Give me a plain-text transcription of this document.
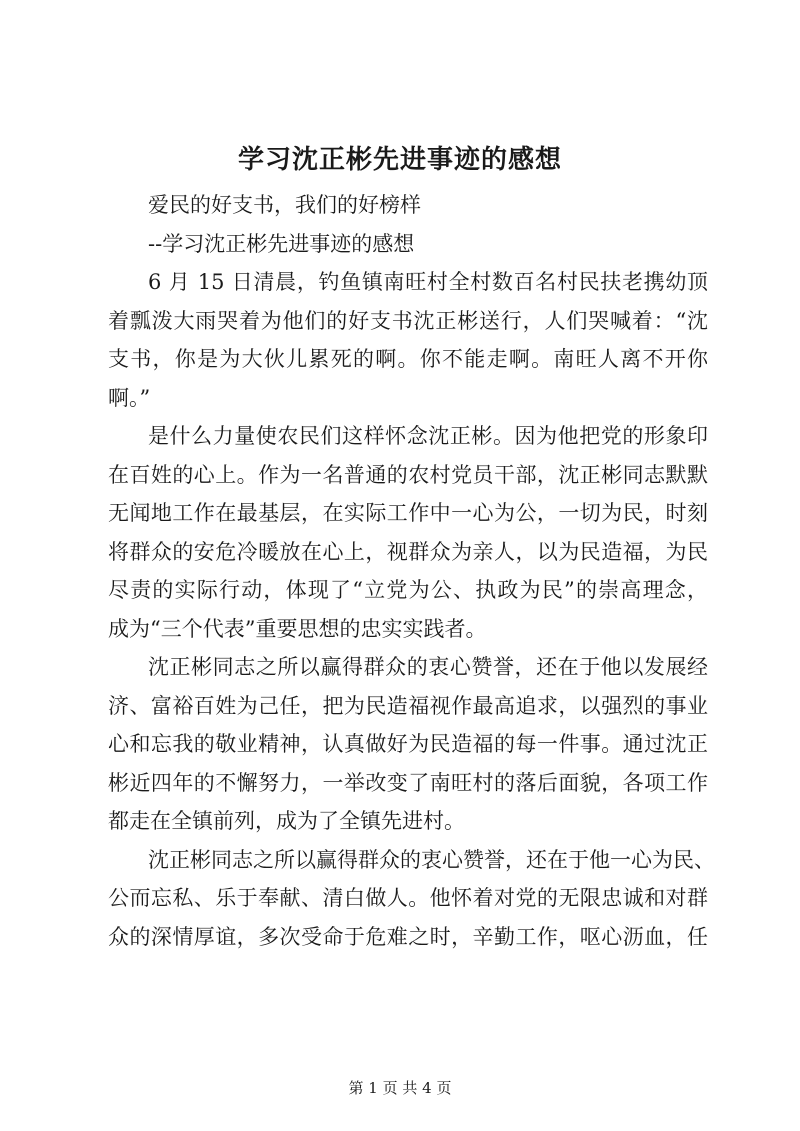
学习沈正彬先进事迹的感想
爱民的好支书，我们的好榜样
--学习沈正彬先进事迹的感想
6 月 15 日清晨，钓鱼镇南旺村全村数百名村民扶老携幼顶
着瓢泼大雨哭着为他们的好支书沈正彬送行，人们哭喊着：“沈
支书，你是为大伙儿累死的啊。你不能走啊。南旺人离不开你
啊。”
是什么力量使农民们这样怀念沈正彬。因为他把党的形象印
在百姓的心上。作为一名普通的农村党员干部，沈正彬同志默默
无闻地工作在最基层，在实际工作中一心为公，一切为民，时刻
将群众的安危冷暖放在心上，视群众为亲人，以为民造福，为民
尽责的实际行动，体现了“立党为公、执政为民”的崇高理念，
成为“三个代表”重要思想的忠实实践者。
沈正彬同志之所以赢得群众的衷心赞誉，还在于他以发展经
济、富裕百姓为己任，把为民造福视作最高追求，以强烈的事业
心和忘我的敬业精神，认真做好为民造福的每一件事。通过沈正
彬近四年的不懈努力，一举改变了南旺村的落后面貌，各项工作
都走在全镇前列，成为了全镇先进村。
沈正彬同志之所以赢得群众的衷心赞誉，还在于他一心为民、
公而忘私、乐于奉献、清白做人。他怀着对党的无限忠诚和对群
众的深情厚谊，多次受命于危难之时，辛勤工作，呕心沥血，任
第 1 页 共 4 页
